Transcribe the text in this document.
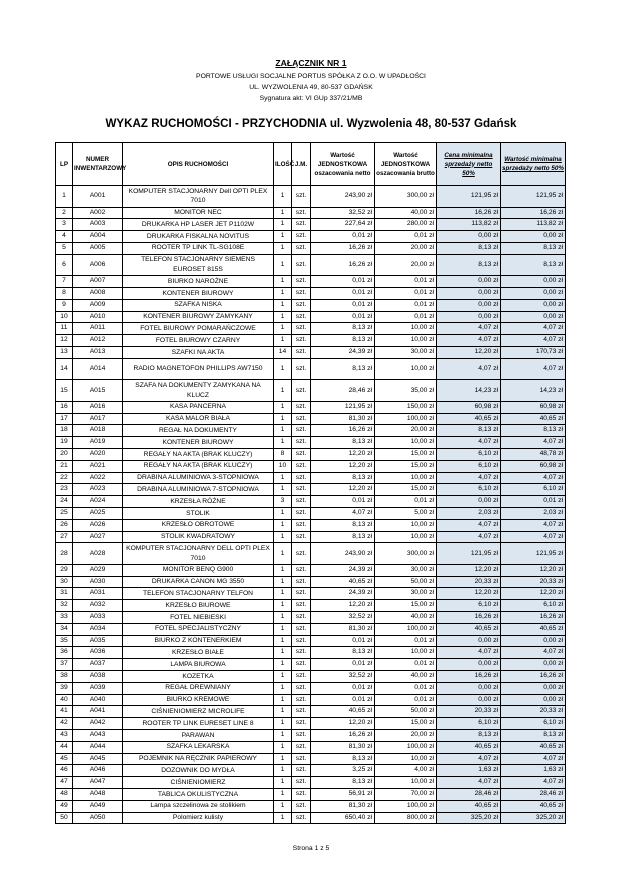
ZAŁĄCZNIK NR 1
PORTOWE USŁUGI SOCJALNE PORTUS SPÓŁKA Z O.O. W UPADŁOŚCI
UL. WYZWOLENIA 49, 80-537 GDAŃSK
Sygnatura akt: VI GUp 337/21/MB
WYKAZ RUCHOMOŚCI - PRZYCHODNIA ul. Wyzwolenia 48, 80-537 Gdańsk
LP	NUMER INWENTARZOWY	OPIS RUCHOMOŚCI	ILOŚĆ	J.M.	Wartość JEDNOSTKOWA oszacowania netto	Wartość JEDNOSTKOWA oszacowania brutto	Cena minimalna sprzedaży netto 50%	Wartość minimalna sprzedaży netto 50%
1	A001	KOMPUTER STACJONARNY Dell OPTI PLEX 7010	1	szt.	243,90 zł	300,00 zł	121,95 zł	121,95 zł
2	A002	MONITOR NEC	1	szt.	32,52 zł	40,00 zł	16,26 zł	16,26 zł
3	A003	DRUKARKA HP LASER JET P1102W	1	szt.	227,64 zł	280,00 zł	113,82 zł	113,82 zł
4	A004	DRUKARKA FISKALNA NOVITUS	1	szt.	0,01 zł	0,01 zł	0,00 zł	0,00 zł
5	A005	ROOTER TP LINK TL-SG108E	1	szt.	16,26 zł	20,00 zł	8,13 zł	8,13 zł
6	A006	TELEFON STACJONARNY SIEMENS EUROSET 815S	1	szt.	16,26 zł	20,00 zł	8,13 zł	8,13 zł
7	A007	BIURKO NAROŻNE	1	szt.	0,01 zł	0,01 zł	0,00 zł	0,00 zł
8	A008	KONTENER BIUROWY	1	szt.	0,01 zł	0,01 zł	0,00 zł	0,00 zł
9	A009	SZAFKA NISKA	1	szt.	0,01 zł	0,01 zł	0,00 zł	0,00 zł
10	A010	KONTENER BIUROWY ZAMYKANY	1	szt.	0,01 zł	0,01 zł	0,00 zł	0,00 zł
11	A011	FOTEL BIUROWY POMARAŃCZOWE	1	szt.	8,13 zł	10,00 zł	4,07 zł	4,07 zł
12	A012	FOTEL BIUROWY CZARNY	1	szt.	8,13 zł	10,00 zł	4,07 zł	4,07 zł
13	A013	SZAFKI NA AKTA	14	szt.	24,39 zł	30,00 zł	12,20 zł	170,73 zł
14	A014	RADIO MAGNETOFON PHILLIPS AW7150	1	szt.	8,13 zł	10,00 zł	4,07 zł	4,07 zł
15	A015	SZAFA NA DOKUMENTY ZAMYKANA NA KLUCZ	1	szt.	28,46 zł	35,00 zł	14,23 zł	14,23 zł
16	A016	KASA PANCERNA	1	szt.	121,95 zł	150,00 zł	60,98 zł	60,98 zł
17	A017	KASA MALOR BIAŁA	1	szt.	81,30 zł	100,00 zł	40,65 zł	40,65 zł
18	A018	REGAŁ NA DOKUMENTY	1	szt.	16,26 zł	20,00 zł	8,13 zł	8,13 zł
19	A019	KONTENER BIUROWY	1	szt.	8,13 zł	10,00 zł	4,07 zł	4,07 zł
20	A020	REGAŁY NA AKTA (BRAK KLUCZY)	8	szt.	12,20 zł	15,00 zł	6,10 zł	48,78 zł
21	A021	REGAŁY NA AKTA (BRAK KLUCZY)	10	szt.	12,20 zł	15,00 zł	6,10 zł	60,98 zł
22	A022	DRABINA ALUMINIOWA 3-STOPNIOWA	1	szt.	8,13 zł	10,00 zł	4,07 zł	4,07 zł
23	A023	DRABINA ALUMINIOWA 7-STOPNIOWA	1	szt.	12,20 zł	15,00 zł	6,10 zł	6,10 zł
24	A024	KRZESŁA RÓŻNE	3	szt.	0,01 zł	0,01 zł	0,00 zł	0,01 zł
25	A025	STOLIK	1	szt.	4,07 zł	5,00 zł	2,03 zł	2,03 zł
26	A026	KRZESŁO OBROTOWE	1	szt.	8,13 zł	10,00 zł	4,07 zł	4,07 zł
27	A027	STOLIK KWADRATOWY	1	szt.	8,13 zł	10,00 zł	4,07 zł	4,07 zł
28	A028	KOMPUTER STACJONARNY DELL OPTI PLEX 7010	1	szt.	243,90 zł	300,00 zł	121,95 zł	121,95 zł
29	A029	MONITOR BENQ G900	1	szt.	24,39 zł	30,00 zł	12,20 zł	12,20 zł
30	A030	DRUKARKA CANON MG 3550	1	szt.	40,65 zł	50,00 zł	20,33 zł	20,33 zł
31	A031	TELEFON STACJONARNY TELFON	1	szt.	24,39 zł	30,00 zł	12,20 zł	12,20 zł
32	A032	KRZESŁO BIUROWE	1	szt.	12,20 zł	15,00 zł	6,10 zł	6,10 zł
33	A033	FOTEL NIEBIESKI	1	szt.	32,52 zł	40,00 zł	16,26 zł	16,26 zł
34	A034	FOTEL SPECJALISTYCZNY	1	szt.	81,30 zł	100,00 zł	40,65 zł	40,65 zł
35	A035	BIURKO Z KONTENERKIEM	1	szt.	0,01 zł	0,01 zł	0,00 zł	0,00 zł
36	A036	KRZESŁO BIAŁE	1	szt.	8,13 zł	10,00 zł	4,07 zł	4,07 zł
37	A037	LAMPA BIUROWA	1	szt.	0,01 zł	0,01 zł	0,00 zł	0,00 zł
38	A038	KOZETKA	1	szt.	32,52 zł	40,00 zł	16,26 zł	16,26 zł
39	A039	REGAŁ DREWNIANY	1	szt.	0,01 zł	0,01 zł	0,00 zł	0,00 zł
40	A040	BIURKO KREMOWE	1	szt.	0,01 zł	0,01 zł	0,00 zł	0,00 zł
41	A041	CIŚNIENIOMIERZ MICROLIFE	1	szt.	40,65 zł	50,00 zł	20,33 zł	20,33 zł
42	A042	ROOTER TP LINK EURESET LINE 8	1	szt.	12,20 zł	15,00 zł	6,10 zł	6,10 zł
43	A043	PARAWAN	1	szt.	16,26 zł	20,00 zł	8,13 zł	8,13 zł
44	A044	SZAFKA LEKARSKA	1	szt.	81,30 zł	100,00 zł	40,65 zł	40,65 zł
45	A045	POJEMNIK NA RĘCZNIK PAPIEROWY	1	szt.	8,13 zł	10,00 zł	4,07 zł	4,07 zł
46	A046	DOZOWNIK DO MYDŁA	1	szt.	3,25 zł	4,00 zł	1,63 zł	1,63 zł
47	A047	CIŚNIENIOMIERZ	1	szt.	8,13 zł	10,00 zł	4,07 zł	4,07 zł
48	A048	TABLICA OKULISTYCZNA	1	szt.	56,91 zł	70,00 zł	28,46 zł	28,46 zł
49	A049	Lampa szczelinowa ze stolikiem	1	szt.	81,30 zł	100,00 zł	40,65 zł	40,65 zł
50	A050	Polomierz kulisty	1	szt.	650,40 zł	800,00 zł	325,20 zł	325,20 zł
Strona 1 z 5
